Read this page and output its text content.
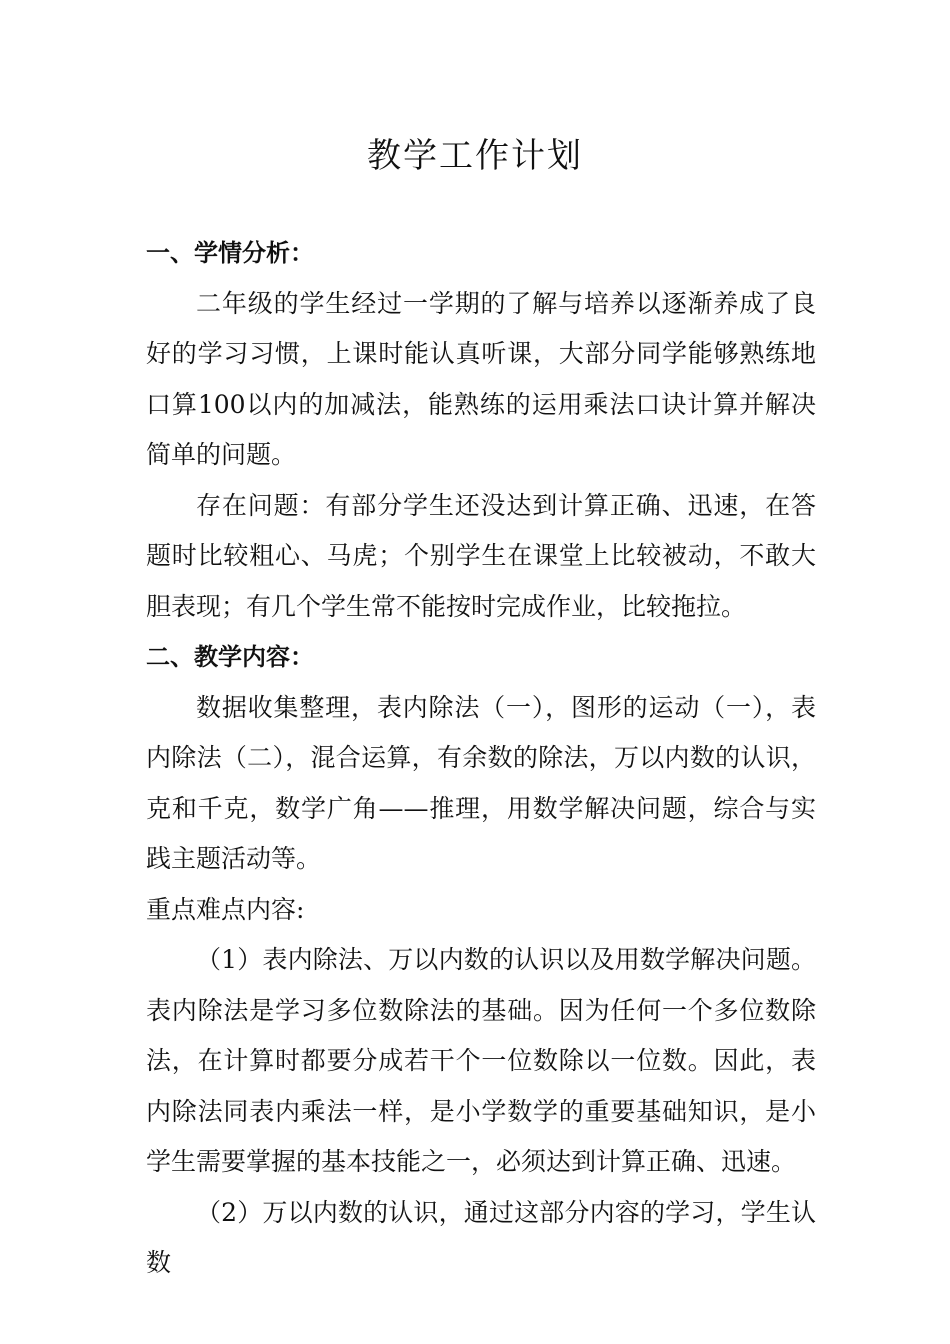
教学工作计划

一、学情分析：

二年级的学生经过一学期的了解与培养以逐渐养成了良好的学习习惯，上课时能认真听课，大部分同学能够熟练地口算100以内的加减法，能熟练的运用乘法口诀计算并解决简单的问题。

存在问题：有部分学生还没达到计算正确、迅速，在答题时比较粗心、马虎；个别学生在课堂上比较被动，不敢大胆表现；有几个学生常不能按时完成作业，比较拖拉。

二、教学内容：

数据收集整理，表内除法（一），图形的运动（一），表内除法（二），混合运算，有余数的除法，万以内数的认识，克和千克，数学广角——推理，用数学解决问题，综合与实践主题活动等。

重点难点内容:

（1）表内除法、万以内数的认识以及用数学解决问题。表内除法是学习多位数除法的基础。因为任何一个多位数除法，在计算时都要分成若干个一位数除以一位数。因此，表内除法同表内乘法一样，是小学数学的重要基础知识，是小学生需要掌握的基本技能之一，必须达到计算正确、迅速。

（2）万以内数的认识，通过这部分内容的学习，学生认数
